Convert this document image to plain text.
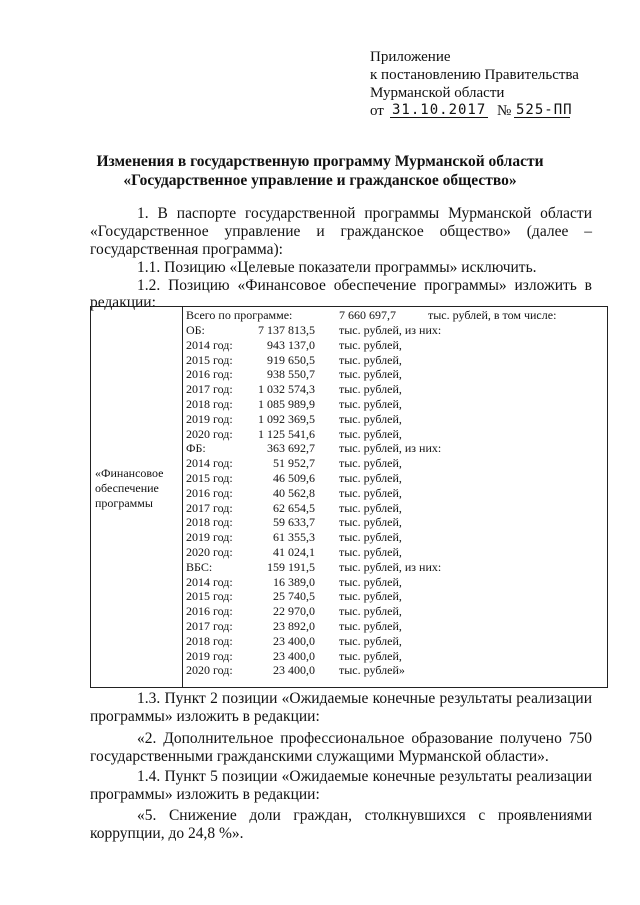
Приложение
к постановлению Правительства
Мурманской области
от 31.10.2017 № 525-ПП
Изменения в государственную программу Мурманской области
«Государственное управление и гражданское общество»
1. В паспорте государственной программы Мурманской области
«Государственное управление и гражданское общество» (далее –
государственная программа):
1.1. Позицию «Целевые показатели программы» исключить.
1.2. Позицию «Финансовое обеспечение программы» изложить в
редакции:
«Финансовое
обеспечение
программы
Всего по программе:	7 660 697,7	тыс. рублей, в том числе:
ОБ:	7 137 813,5 тыс. рублей, из них:
2014 год:	943 137,0 тыс. рублей,
2015 год:	919 650,5 тыс. рублей,
2016 год:	938 550,7 тыс. рублей,
2017 год: 1 032 574,3 тыс. рублей,
2018 год: 1 085 989,9 тыс. рублей,
2019 год: 1 092 369,5 тыс. рублей,
2020 год: 1 125 541,6 тыс. рублей,
ФБ:	363 692,7 тыс. рублей, из них:
2014 год:	51 952,7 тыс. рублей,
2015 год:	46 509,6 тыс. рублей,
2016 год:	40 562,8 тыс. рублей,
2017 год:	62 654,5 тыс. рублей,
2018 год:	59 633,7 тыс. рублей,
2019 год:	61 355,3 тыс. рублей,
2020 год:	41 024,1 тыс. рублей,
ВБС:	159 191,5 тыс. рублей, из них:
2014 год:	16 389,0 тыс. рублей,
2015 год:	25 740,5 тыс. рублей,
2016 год:	22 970,0 тыс. рублей,
2017 год:	23 892,0 тыс. рублей,
2018 год:	23 400,0 тыс. рублей,
2019 год:	23 400,0 тыс. рублей,
2020 год:	23 400,0 тыс. рублей»
1.3. Пункт 2 позиции «Ожидаемые конечные результаты реализации
программы» изложить в редакции:
«2. Дополнительное профессиональное образование получено 750
государственными гражданскими служащими Мурманской области».
1.4. Пункт 5 позиции «Ожидаемые конечные результаты реализации
программы» изложить в редакции:
«5. Снижение доли граждан, столкнувшихся с проявлениями
коррупции, до 24,8 %».
